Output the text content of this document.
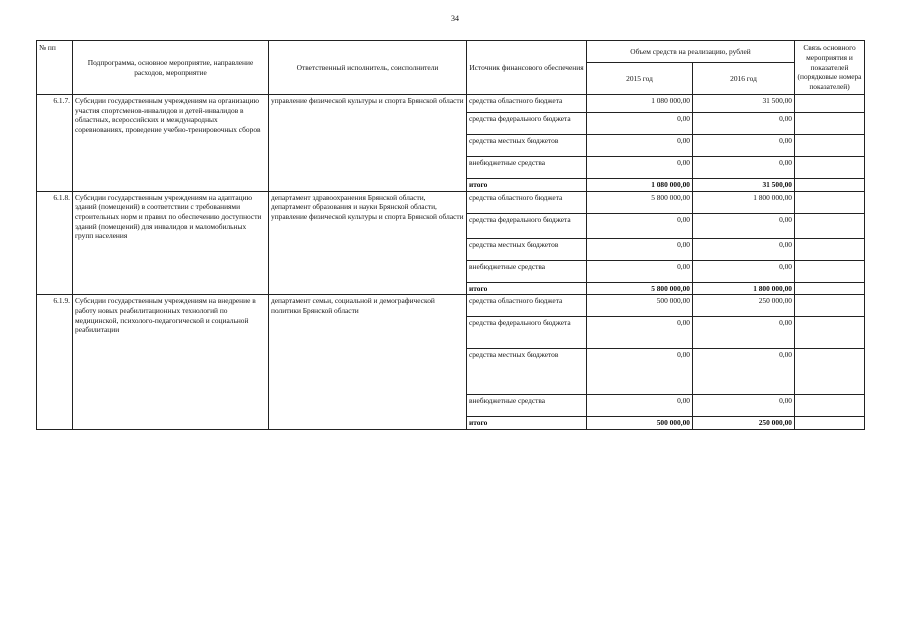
34
№ пп	Подпрограмма, основное мероприятие, направление расходов, мероприятие	Ответственный исполнитель, соисполнители	Источник финансового обеспечения	Объем средств на реализацию, рублей		Связь основного мероприятия и показателей (порядковые номера показателей)
				2015 год	2016 год	
6.1.7.	Субсидии государственным учреждениям на организацию участия спортсменов-инвалидов и детей-инвалидов в областных, всероссийских и международных соревнованиях, проведение учебно-тренировочных сборов	управление физической культуры и спорта Брянской области	средства областного бюджета	1 080 000,00	31 500,00	
			средства федерального бюджета	0,00	0,00	
			средства местных бюджетов	0,00	0,00	
			внебюджетные средства	0,00	0,00	
			итого	1 080 000,00	31 500,00	
6.1.8.	Субсидии государственным учреждениям на адаптацию зданий (помещений) в соответствии с требованиями строительных норм и правил по обеспечению доступности зданий (помещений) для инвалидов и маломобильных групп населения	департамент здравоохранения Брянской области, департамент образования и науки Брянской области, управление физической культуры и спорта Брянской области	средства областного бюджета	5 800 000,00	1 800 000,00	
			средства федерального бюджета	0,00	0,00	
			средства местных бюджетов	0,00	0,00	
			внебюджетные средства	0,00	0,00	
			итого	5 800 000,00	1 800 000,00	
6.1.9.	Субсидии государственным учреждениям на внедрение в работу новых реабилитационных технологий по медицинской, психолого-педагогической и социальной реабилитации	департамент семьи, социальной и демографической политики Брянской области	средства областного бюджета	500 000,00	250 000,00	
			средства федерального бюджета	0,00	0,00	
			средства местных бюджетов	0,00	0,00	
			внебюджетные средства	0,00	0,00	
			итого	500 000,00	250 000,00	
